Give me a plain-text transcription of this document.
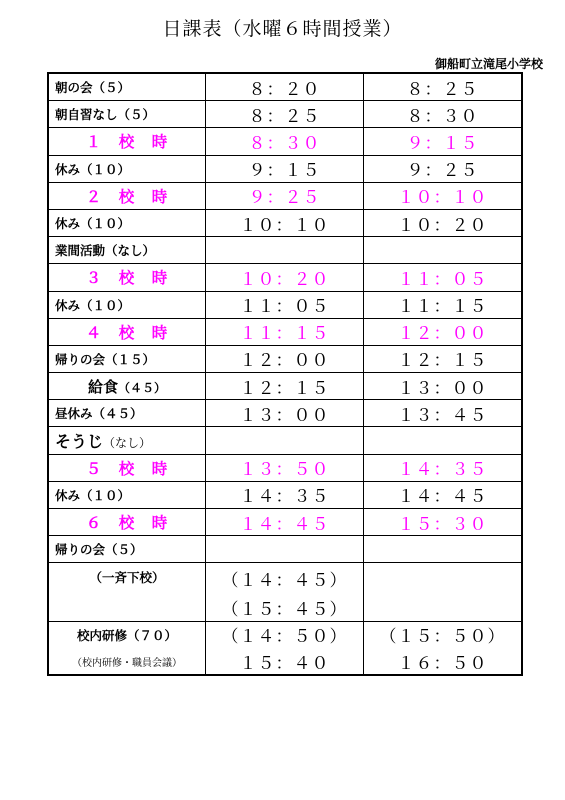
日課表（水曜６時間授業）
御船町立滝尾小学校
朝の会（５）	８：２０	８：２５
朝自習なし（５）	８：２５	８：３０
１　校　時	８：３０	９：１５
休み（１０）	９：１５	９：２５
２　校　時	９：２５	１０：１０
休み（１０）	１０：１０	１０：２０
業間活動（なし）		
３　校　時	１０：２０	１１：０５
休み（１０）	１１：０５	１１：１５
４　校　時	１１：１５	１２：００
帰りの会（１５）	１２：００	１２：１５
給食（４５）	１２：１５	１３：００
昼休み（４５）	１３：００	１３：４５
そうじ（なし）		
５　校　時	１３：５０	１４：３５
休み（１０）	１４：３５	１４：４５
６　校　時	１４：４５	１５：３０
帰りの会（５）		
（一斉下校）	（１４：４５）	
	（１５：４５）	
校内研修（７０）	（１４：５０）	（１５：５０）
（校内研修・職員会議）	１５：４０	１６：５０
